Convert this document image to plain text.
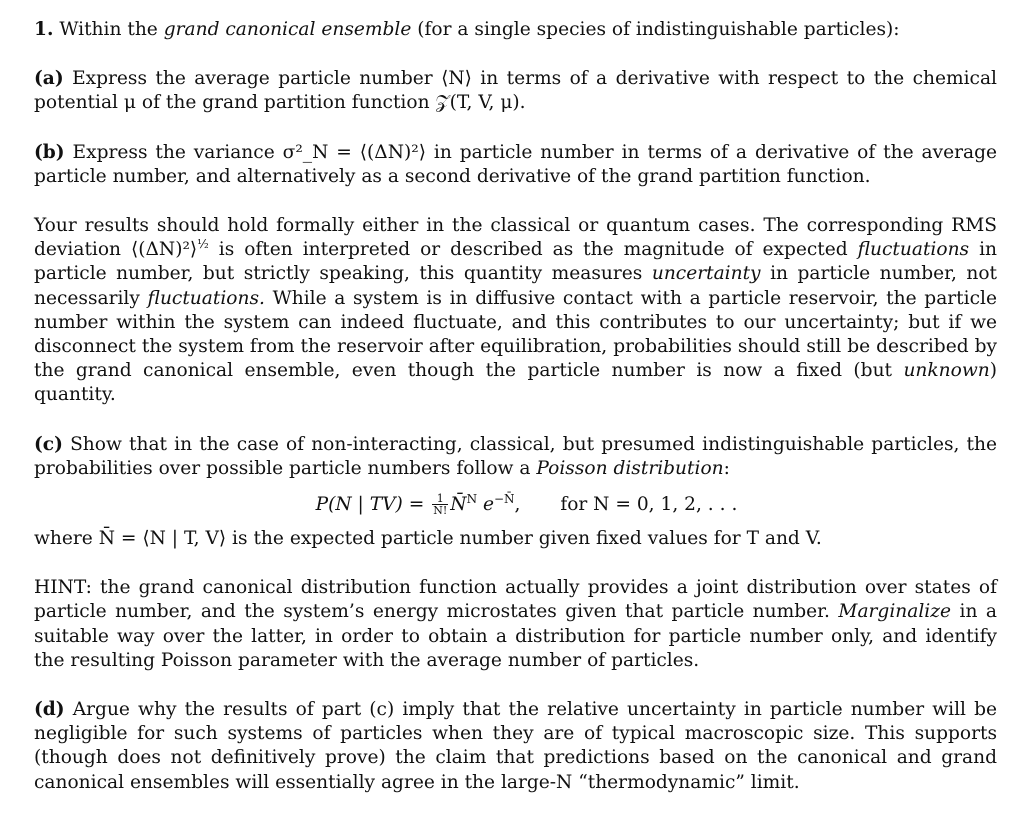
1. Within the grand canonical ensemble (for a single species of indistinguishable particles):

(a) Express the average particle number ⟨N⟩ in terms of a derivative with respect to the chemical potential μ of the grand partition function 𝒵(T, V, μ).

(b) Express the variance σ²_N = ⟨(ΔN)²⟩ in particle number in terms of a derivative of the average particle number, and alternatively as a second derivative of the grand partition function.

Your results should hold formally either in the classical or quantum cases. The corresponding RMS deviation ⟨(ΔN)²⟩$^{\frac{1}{2}}$ is often interpreted or described as the magnitude of expected fluctuations in particle number, but strictly speaking, this quantity measures uncertainty in particle number, not necessarily fluctuations. While a system is in diffusive contact with a particle reservoir, the particle number within the system can indeed fluctuate, and this contributes to our uncertainty; but if we disconnect the system from the reservoir after equilibration, probabilities should still be described by the grand canonical ensemble, even though the particle number is now a fixed (but unknown) quantity.

(c) Show that in the case of non-interacting, classical, but presumed indistinguishable particles, the probabilities over possible particle numbers follow a Poisson distribution:

P(N | $TV) = \frac{1}{N!}$ N̄$^N$ $e^{-N̄}$, for N = 0, 1, 2, . . .

where N̄ = ⟨N | T, V⟩ is the expected particle number given fixed values for T and V.

HINT: the grand canonical distribution function actually provides a joint distribution over states of particle number, and the system’s energy microstates given that particle number. Marginalize in a suitable way over the latter, in order to obtain a distribution for particle number only, and identify the resulting Poisson parameter with the average number of particles.

(d) Argue why the results of part (c) imply that the relative uncertainty in particle number will be negligible for such systems of particles when they are of typical macroscopic size. This supports (though does not definitively prove) the claim that predictions based on the canonical and grand canonical ensembles will essentially agree in the large-N “thermodynamic” limit.
